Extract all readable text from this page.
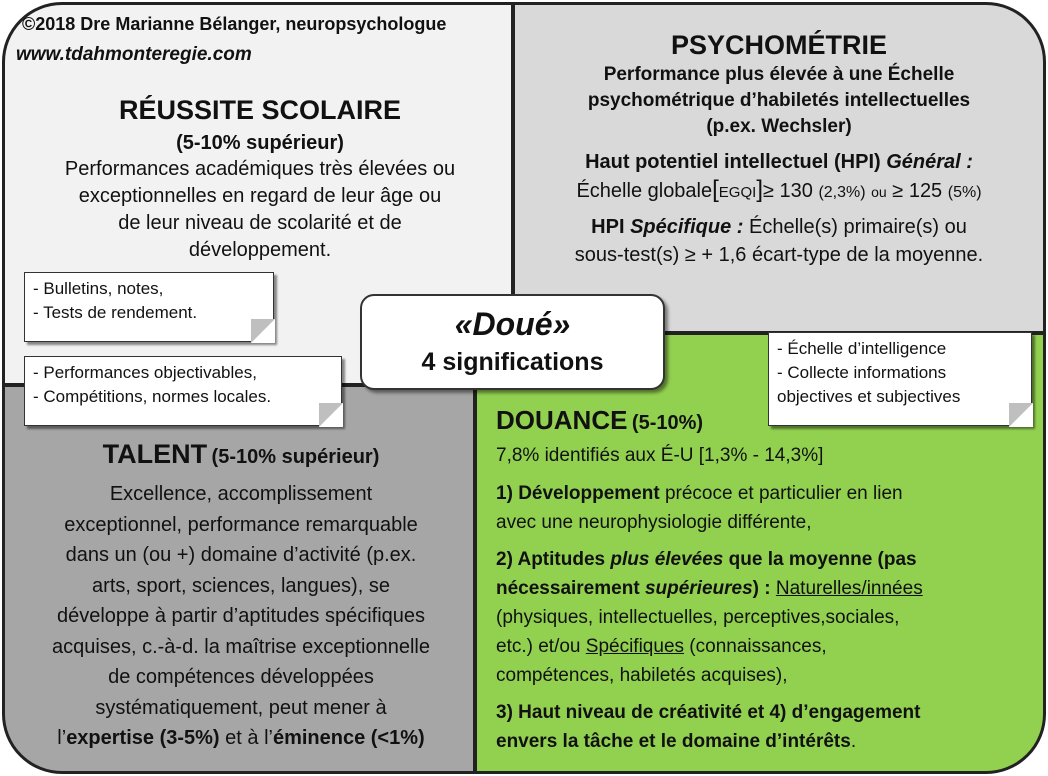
©2018 Dre Marianne Bélanger, neuropsychologue
www.tdahmonteregie.com
RÉUSSITE SCOLAIRE
(5-10% supérieur)
Performances académiques très élevées ou
exceptionnelles en regard de leur âge ou
de leur niveau de scolarité et de
développement.
PSYCHOMÉTRIE
Performance plus élevée à une Échelle
psychométrique d’habiletés intellectuelles
(p.ex. Wechsler)
Haut potentiel intellectuel (HPI) Général :
Échelle globale[EGQI]≥ 130 (2,3%) ou ≥ 125 (5%)
HPI Spécifique : Échelle(s) primaire(s) ou
sous-test(s) ≥ + 1,6 écart-type de la moyenne.
- Bulletins, notes,
- Tests de rendement.
- Performances objectivables,
- Compétitions, normes locales.
- Échelle d’intelligence
- Collecte informations
objectives et subjectives
«Doué»
4 significations
TALENT (5-10% supérieur)
Excellence, accomplissement
exceptionnel, performance remarquable
dans un (ou +) domaine d’activité (p.ex.
arts, sport, sciences, langues), se
développe à partir d’aptitudes spécifiques
acquises, c.-à-d. la maîtrise exceptionnelle
de compétences développées
systématiquement, peut mener à
l’expertise (3-5%) et à l’éminence (<1%)
DOUANCE (5-10%)
7,8% identifiés aux É-U [1,3% - 14,3%]
1) Développement précoce et particulier en lien
avec une neurophysiologie différente,
2) Aptitudes plus élevées que la moyenne (pas
nécessairement supérieures) : Naturelles/innées
(physiques, intellectuelles, perceptives,sociales,
etc.) et/ou Spécifiques (connaissances,
compétences, habiletés acquises),
3) Haut niveau de créativité et 4) d’engagement
envers la tâche et le domaine d’intérêts.
